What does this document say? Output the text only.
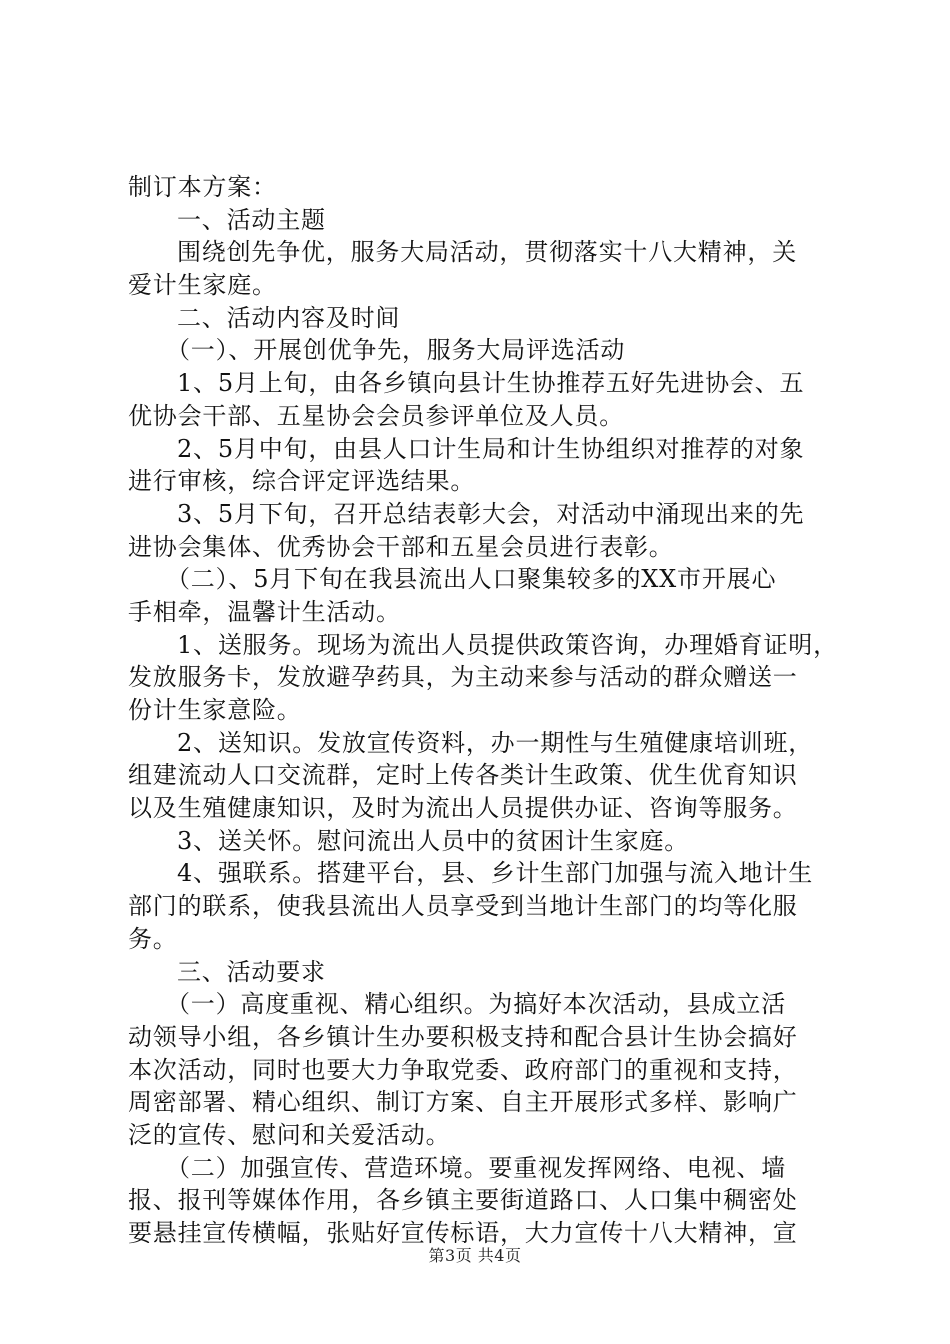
制订本方案：
一、活动主题
围绕创先争优，服务大局活动，贯彻落实十八大精神，关
爱计生家庭。
二、活动内容及时间
（一）、开展创优争先，服务大局评选活动
1、5月上旬，由各乡镇向县计生协推荐五好先进协会、五
优协会干部、五星协会会员参评单位及人员。
2、5月中旬，由县人口计生局和计生协组织对推荐的对象
进行审核，综合评定评选结果。
3、5月下旬，召开总结表彰大会，对活动中涌现出来的先
进协会集体、优秀协会干部和五星会员进行表彰。
（二）、5月下旬在我县流出人口聚集较多的XX市开展心
手相牵，温馨计生活动。
1、送服务。现场为流出人员提供政策咨询，办理婚育证明，
发放服务卡，发放避孕药具，为主动来参与活动的群众赠送一
份计生家意险。
2、送知识。发放宣传资料，办一期性与生殖健康培训班，
组建流动人口交流群，定时上传各类计生政策、优生优育知识
以及生殖健康知识，及时为流出人员提供办证、咨询等服务。
3、送关怀。慰问流出人员中的贫困计生家庭。
4、强联系。搭建平台，县、乡计生部门加强与流入地计生
部门的联系，使我县流出人员享受到当地计生部门的均等化服
务。
三、活动要求
（一）高度重视、精心组织。为搞好本次活动，县成立活
动领导小组，各乡镇计生办要积极支持和配合县计生协会搞好
本次活动，同时也要大力争取党委、政府部门的重视和支持，
周密部署、精心组织、制订方案、自主开展形式多样、影响广
泛的宣传、慰问和关爱活动。
（二）加强宣传、营造环境。要重视发挥网络、电视、墙
报、报刊等媒体作用，各乡镇主要街道路口、人口集中稠密处
要悬挂宣传横幅，张贴好宣传标语，大力宣传十八大精神，宣
第3页 共4页
